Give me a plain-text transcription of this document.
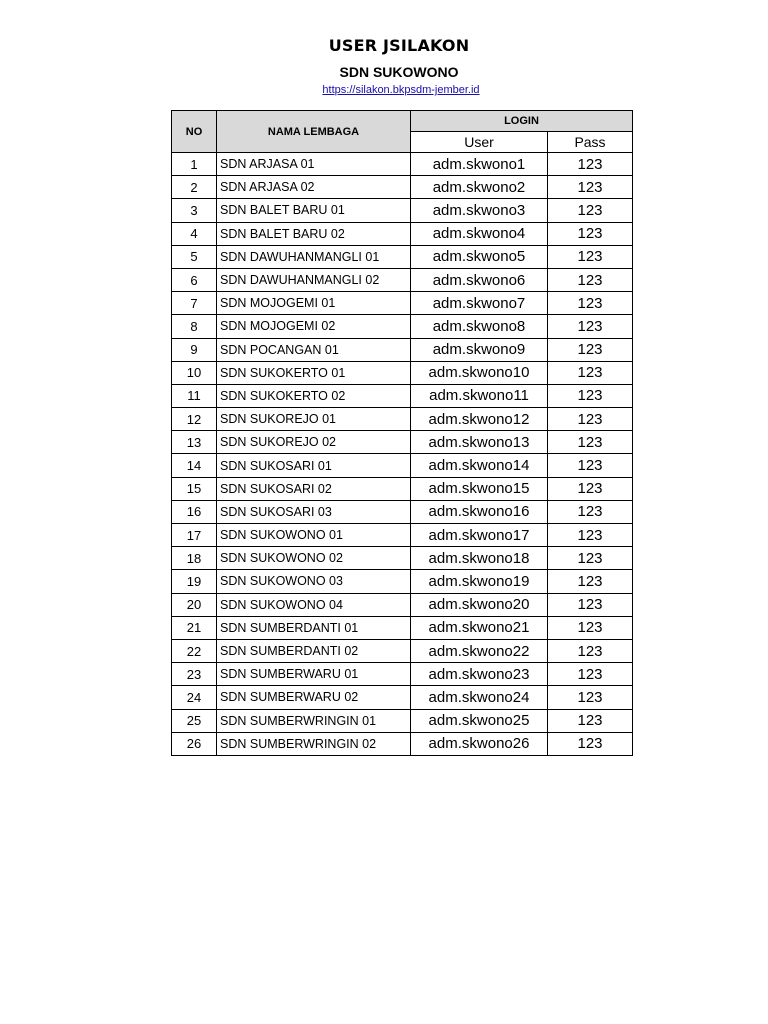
USER JSILAKON
SDN SUKOWONO
https://silakon.bkpsdm-jember.id
NO	NAMA LEMBAGA	LOGIN	
		User	Pass
1	SDN ARJASA 01	adm.skwono1	123
2	SDN ARJASA 02	adm.skwono2	123
3	SDN BALET BARU 01	adm.skwono3	123
4	SDN BALET BARU 02	adm.skwono4	123
5	SDN DAWUHANMANGLI 01	adm.skwono5	123
6	SDN DAWUHANMANGLI 02	adm.skwono6	123
7	SDN MOJOGEMI 01	adm.skwono7	123
8	SDN MOJOGEMI 02	adm.skwono8	123
9	SDN POCANGAN 01	adm.skwono9	123
10	SDN SUKOKERTO 01	adm.skwono10	123
11	SDN SUKOKERTO 02	adm.skwono11	123
12	SDN SUKOREJO 01	adm.skwono12	123
13	SDN SUKOREJO 02	adm.skwono13	123
14	SDN SUKOSARI 01	adm.skwono14	123
15	SDN SUKOSARI 02	adm.skwono15	123
16	SDN SUKOSARI 03	adm.skwono16	123
17	SDN SUKOWONO 01	adm.skwono17	123
18	SDN SUKOWONO 02	adm.skwono18	123
19	SDN SUKOWONO 03	adm.skwono19	123
20	SDN SUKOWONO 04	adm.skwono20	123
21	SDN SUMBERDANTI 01	adm.skwono21	123
22	SDN SUMBERDANTI 02	adm.skwono22	123
23	SDN SUMBERWARU 01	adm.skwono23	123
24	SDN SUMBERWARU 02	adm.skwono24	123
25	SDN SUMBERWRINGIN 01	adm.skwono25	123
26	SDN SUMBERWRINGIN 02	adm.skwono26	123
